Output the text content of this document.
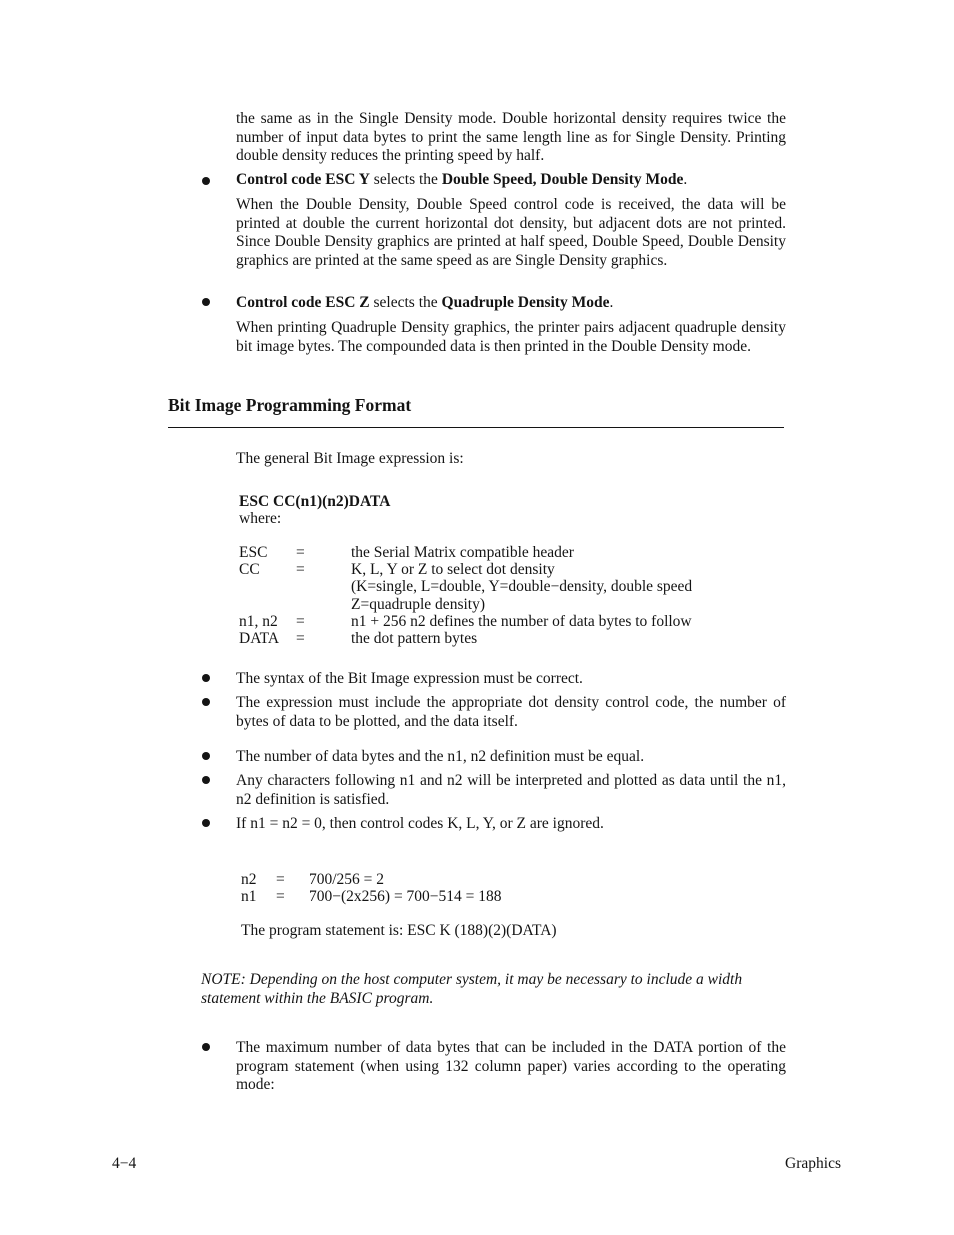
the same as in the Single Density mode. Double horizontal density requires twice the number of input data bytes to print the same length line as for Single Density. Printing double density reduces the printing speed by half.

Control code ESC Y selects the Double Speed, Double Density Mode.

When the Double Density, Double Speed control code is received, the data will be printed at double the current horizontal dot density, but adjacent dots are not printed. Since Double Density graphics are printed at half speed, Double Speed, Double Density graphics are printed at the same speed as are Single Density graphics.

Control code ESC Z selects the Quadruple Density Mode.

When printing Quadruple Density graphics, the printer pairs adjacent quadruple density bit image bytes. The compounded data is then printed in the Double Density mode.

Bit Image Programming Format
The general Bit Image expression is:
ESC CC(n1)(n2)DATA
where:
ESC =	the Serial Matrix compatible header
CC =	K, L, Y or Z to select dot density
(K=single, L=double, Y=double−density, double speed
Z=quadruple density)
n1, n2 =	n1 + 256 n2 defines the number of data bytes to follow
DATA =	the dot pattern bytes

The syntax of the Bit Image expression must be correct.

The expression must include the appropriate dot density control code, the number of bytes of data to be plotted, and the data itself.

The number of data bytes and the n1, n2 definition must be equal.

Any characters following n1 and n2 will be interpreted and plotted as data until the n1, n2 definition is satisfied.

If n1 = n2 = 0, then control codes K, L, Y, or Z are ignored.

n2 = 700/256 = 2
n1 = 700−(2x256) = 700−514 = 188
The program statement is: ESC K (188)(2)(DATA)

NOTE: Depending on the host computer system, it may be necessary to include a width statement within the BASIC program.

The maximum number of data bytes that can be included in the DATA portion of the program statement (when using 132 column paper) varies according to the operating mode:

4−4	Graphics
